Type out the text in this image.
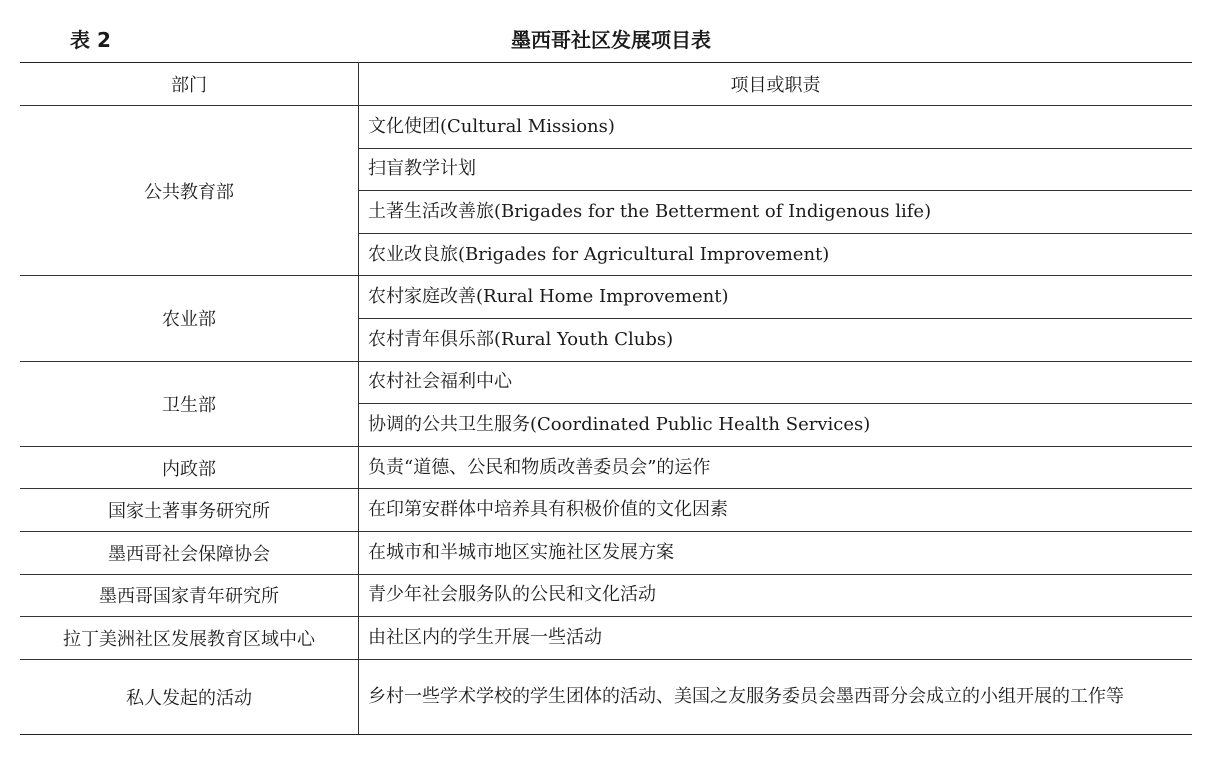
表 2	墨西哥社区发展项目表
部门	项目或职责
公共教育部	文化使团(Cultural Missions)
	扫盲教学计划
	土著生活改善旅(Brigades for the Betterment of Indigenous life)
	农业改良旅(Brigades for Agricultural Improvement)
农业部	农村家庭改善(Rural Home Improvement)
	农村青年俱乐部(Rural Youth Clubs)
卫生部	农村社会福利中心
	协调的公共卫生服务(Coordinated Public Health Services)
内政部	负责“道德、公民和物质改善委员会”的运作
国家土著事务研究所	在印第安群体中培养具有积极价值的文化因素
墨西哥社会保障协会	在城市和半城市地区实施社区发展方案
墨西哥国家青年研究所	青少年社会服务队的公民和文化活动
拉丁美洲社区发展教育区域中心	由社区内的学生开展一些活动
私人发起的活动	乡村一些学术学校的学生团体的活动、美国之友服务委员会墨西哥分会成立的小组开展的工作等
